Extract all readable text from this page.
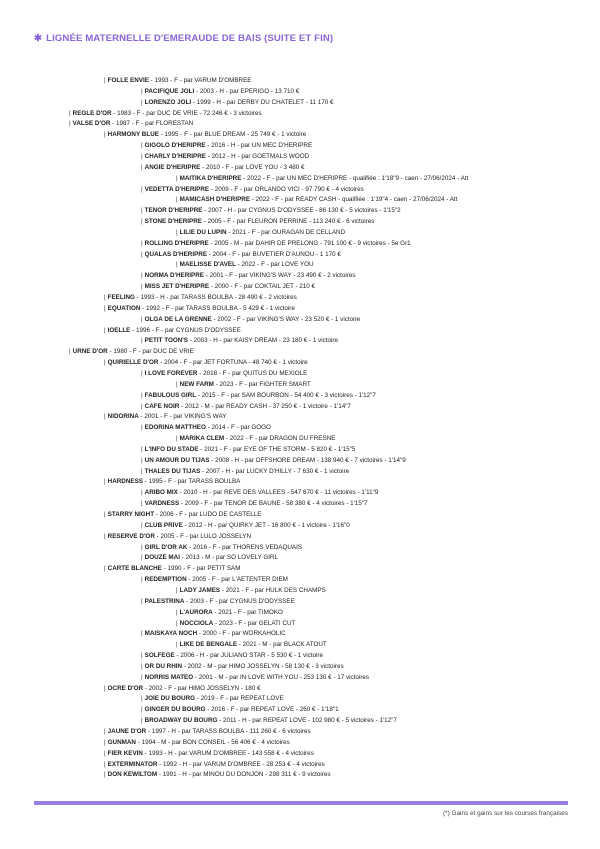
✱ LIGNÉE MATERNELLE D'EMERAUDE DE BAIS (SUITE ET FIN)
| FOLLE ENVIE - 1993 - F - par VARUM D'OMBREE
| PACIFIQUE JOLI - 2003 - H - par EPERIGO - 13 710 €
| LORENZO JOLI - 1999 - H - par DERBY DU CHATELET - 11 170 €
| REGLE D'OR - 1983 - F - par DUC DE VRIE - 72 246 € - 3 victoires
| VALSE D'OR - 1987 - F - par FLORESTAN
| HARMONY BLUE - 1995 - F - par BLUE DREAM - 25 749 € - 1 victoire
| GIGOLO D'HERIPRE - 2016 - H - par UN MEC D'HERIPRE
| CHARLY D'HERIPRE - 2012 - H - par GOETMALS WOOD
| ANGIE D'HERIPRE - 2010 - F - par LOVE YOU - 3 480 €
| MAITIKA D'HERIPRE - 2022 - F - par UN MEC D'HERIPRE - qualifiée : 1'18"9 - caen - 27/06/2024 - Att
| VEDETTA D'HERIPRE - 2009 - F - par ORLANDO VICI - 97 790 € - 4 victoires
| MAMICASH D'HERIPRE - 2022 - F - par READY CASH - qualifiée : 1'19"4 - caen - 27/06/2024 - Att
| TENOR D'HERIPRE - 2007 - H - par CYGNUS D'ODYSSEE - 86 130 € - 5 victoires - 1'15"2
| STONE D'HERIPRE - 2005 - F - par FLEURON PERRINE - 113 240 € - 6 victoires
| LILIE DU LUPIN - 2021 - F - par OURAGAN DE CELLAND
| ROLLING D'HERIPRE - 2005 - M - par DAHIR DE PRELONG - 791 100 € - 9 victoires - 5e Gr1
| QUALAS D'HERIPRE - 2004 - F - par BUVETIER D'AUNOU - 1 170 €
| MAELISSE D'AVEL - 2022 - F - par LOVE YOU
| NORMA D'HERIPRE - 2001 - F - par VIKING'S WAY - 23 490 € - 2 victoires
| MISS JET D'HERIPRE - 2000 - F - par COKTAIL JET - 210 €
| FEELING - 1993 - H - par TARASS BOULBA - 28 490 € - 2 victoires
| EQUATION - 1992 - F - par TARASS BOULBA - 5 429 € - 1 victoire
| OLGA DE LA GRENNE - 2002 - F - par VIKING'S WAY - 23 520 € - 1 victoire
| IOELLE - 1996 - F - par CYGNUS D'ODYSSEE
| PETIT TOON'S - 2003 - H - par KAISY DREAM - 23 180 € - 1 victoire
| URNE D'OR - 1980 - F - par DUC DE VRIE
| QUIRIELLE D'OR - 2004 - F - par JET FORTUNA - 48 740 € - 1 victoire
| I LOVE FOREVER - 2018 - F - par QUITUS DU MEXIOLE
| NEW FARM - 2023 - F - par FIGHTER SMART
| FABULOUS GIRL - 2015 - F - par SAM BOURBON - 54 400 € - 3 victoires - 1'12"7
| CAFE NOIR - 2012 - M - par READY CASH - 37 250 € - 1 victoire - 1'14"7
| NIDORINA - 2001 - F - par VIKING'S WAY
| EDORINA MATTHEO - 2014 - F - par GOGO
| MARIKA CLEM - 2022 - F - par DRAGON DU FRESNE
| L'INFO DU STADE - 2021 - F - par EYE OF THE STORM - 5 820 € - 1'15"5
| UN AMOUR DU TIJAS - 2008 - H - par OFFSHORE DREAM - 138 940 € - 7 victoires - 1'14"9
| THALES DU TIJAS - 2007 - H - par LUCKY D'HILLY - 7 630 € - 1 victoire
| HARDNESS - 1995 - F - par TARASS BOULBA
| ARIBO MIX - 2010 - H - par REVE DES VALLEES - 547 670 € - 11 victoires - 1'11"9
| VARDNESS - 2009 - F - par TENOR DE BAUNE - 58 380 € - 4 victoires - 1'15"7
| STARRY NIGHT - 2006 - F - par LUDO DE CASTELLE
| CLUB PRIVE - 2012 - H - par QUIRKY JET - 16 800 € - 1 victoire - 1'16"0
| RESERVE D'OR - 2005 - F - par LULO JOSSELYN
| GIRL D'OR AK - 2016 - F - par THORENS VEDAQUAIS
| DOUZE MAI - 2013 - M - par SO LOVELY GIRL
| CARTE BLANCHE - 1990 - F - par PETIT SAM
| REDEMPTION - 2005 - F - par L'AETENTER DIEM
| LADY JAMES - 2021 - F - par HULK DES CHAMPS
| PALESTRINA - 2003 - F - par CYGNUS D'ODYSSEE
| L'AURORA - 2021 - F - par TIMOKO
| NOCCIOLA - 2023 - F - par GELATI CUT
| MAISKAYA NOCH - 2000 - F - par WORKAHOLIC
| LIKE DE BENGALE - 2021 - M - par BLACK ATOUT
| SOLFEGE - 2006 - H - par JULIANO STAR - 5 530 € - 1 victoire
| OR DU RHIN - 2002 - M - par HIMO JOSSELYN - 58 130 € - 3 victoires
| NORRIS MATEO - 2001 - M - par IN LOVE WITH YOU - 253 130 € - 17 victoires
| OCRE D'OR - 2002 - F - par HIMO JOSSELYN - 180 €
| JOIE DU BOURG - 2019 - F - par REPEAT LOVE
| GINGER DU BOURG - 2016 - F - par REPEAT LOVE - 260 € - 1'18"1
| BROADWAY DU BOURG - 2011 - H - par REPEAT LOVE - 102 980 € - 5 victoires - 1'12"7
| JAUNE D'OR - 1997 - H - par TARASS BOULBA - 111 260 € - 6 victoires
| GUNMAN - 1994 - M - par BON CONSEIL - 56 406 € - 4 victoires
| FIER KEVIN - 1993 - H - par VARUM D'OMBREE - 143 558 € - 4 victoires
| EXTERMINATOR - 1992 - H - par VARUM D'OMBREE - 28 253 € - 4 victoires
| DON KEWILTOM - 1991 - H - par MINOU DU DONJON - 298 311 € - 9 victoires
(*) Gains et gains sur les courses françaises
